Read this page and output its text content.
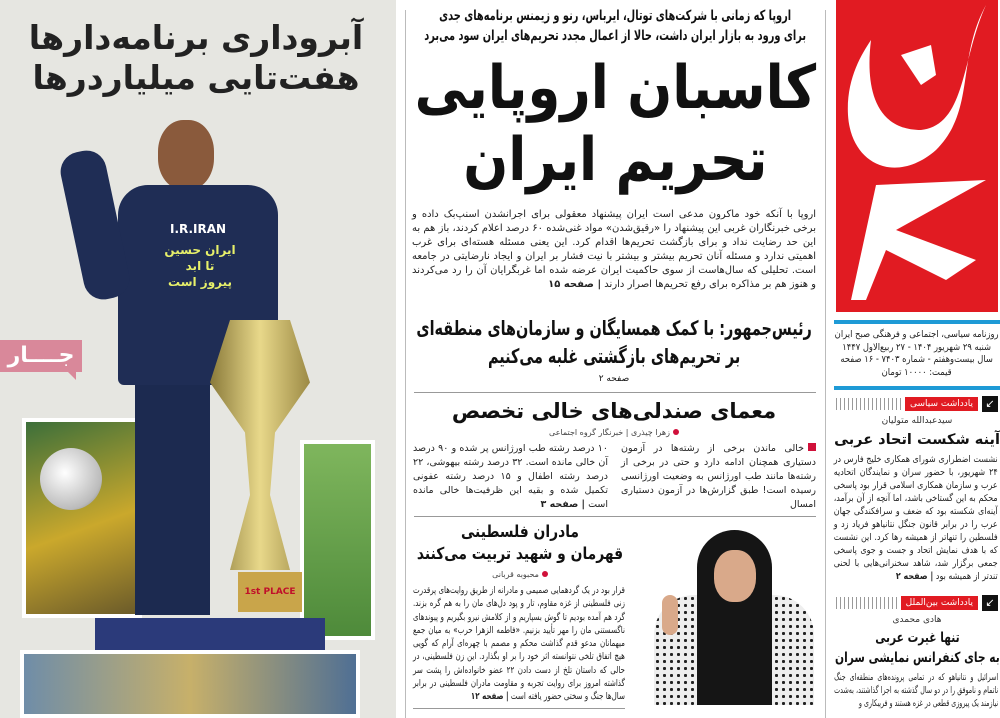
I.R.IRAN
ایران حسین
تا ابد
پیروز است
1st PLACE
جــــار
آبروداری برنامه‌دارها
هفت‌تایی میلیاردرها
اروپا که زمانی با شرکت‌های توتال، ایرباس، رنو و زیمنس برنامه‌های جدی
برای ورود به بازار ایران داشت، حالا از اعمال مجدد تحریم‌های ایران سود می‌برد
کاسبان اروپایی
تحریم ایران
اروپا با آنکه خود ماکرون مدعی است ایران پیشنهاد معقولی برای اجرانشدن اسنپ‌بک داده و برخی خبرنگاران غربی این پیشنهاد را «رقیق‌شدن» مواد غنی‌شده ۶۰ درصد اعلام کردند، باز هم به این حد رضایت نداد و برای بازگشت تحریم‌ها اقدام کرد. این یعنی مسئله هسته‌ای برای غرب اهمیتی ندارد و مسئله آنان تحریم بیشتر و بیشتر با نیت فشار بر ایران و ایجاد نارضایتی در جامعه است. تحلیلی که سال‌هاست از سوی حاکمیت ایران عرضه شده اما غربگرایان آن را رد می‌کردند و هنوز هم بر مذاکره برای رفع تحریم‌ها اصرار دارند | صفحه ۱۵
رئیس‌جمهور: با کمک همسایگان و سازمان‌های منطقه‌ای
بر تحریم‌های بازگشتی غلبه می‌کنیم
صفحه ۲
معمای صندلی‌های خالی تخصص
زهرا چیذری | خبرنگار گروه اجتماعی
خالی ماندن برخی از رشته‌ها در آزمون دستیاری همچنان ادامه دارد و حتی در برخی از رشته‌ها مانند طب اورژانس به وضعیت اورژانسی رسیده است! طبق گزارش‌ها در آزمون دستیاری امسال
۱۰ درصد رشته طب اورژانس پر شده و ۹۰ درصد آن خالی مانده است. ۳۲ درصد رشته بیهوشی، ۲۲ درصد رشته اطفال و ۱۵ درصد رشته عفونی تکمیل شده و بقیه این ظرفیت‌ها خالی مانده است | صفحه ۳
مادران فلسطینی
قهرمان و شهید تربیت می‌کنند
محبوبه قربانی
قرار بود در یک گردهمایی صمیمی و مادرانه از طریق روایت‌های پرقدرت زنی فلسطینی از غزه مقاوم، تار و پود دل‌های مان را به هم گره بزند. گرد هم آمده بودیم تا گوش بسپاریم و از کلامش نیرو بگیریم و پیوندهای ناگسستنی مان را مهر تأیید بزنیم. «فاطمه الزهرا حرب» به میان جمع میهمانان مدعو قدم گذاشت محکم و مصمم با چهره‌ای آرام که گویی هیچ اتفاق تلخی نتوانسته اثر خود را بر او بگذارد. این زن فلسطینی، در حالی که داستان تلخ از دست دادن ۲۲ عضو خانواده‌اش را پشت سر گذاشته امروز برای روایت تجربه و مقاومت مادران فلسطینی در برابر سال‌ها جنگ و سختی حضور یافته است | صفحه ۱۲
روزنامه سیاسی، اجتماعی و فرهنگی صبح ایران
شنبه ۲۹ شهریور ۱۴۰۴ - ۲۷ ربیع‌الاول ۱۴۴۷
سال بیست‌وهفتم - شماره ۷۴۰۳ - ۱۶ صفحه
قیمت: ۱۰۰۰۰ تومان
↙
یادداشت سیاسی
سیدعبدالله متولیان
آینه شکست اتحاد عربی
نشست اضطراری شورای همکاری خلیج فارس در ۲۴ شهریور، با حضور سران و نمایندگان اتحادیه عرب و سازمان همکاری اسلامی قرار بود پاسخی محکم به این گستاخی باشد، اما آنچه از آن برآمد، آینه‌ای شکسته بود که ضعف و سرافکندگی جهان عرب را در برابر قانون جنگل نتانیاهو فریاد زد و فلسطین را تنهاتر از همیشه رها کرد. این نشست که با هدف نمایش اتحاد و جست و جوی پاسخی جمعی برگزار شد، شاهد سخنرانی‌هایی با لحنی تندتر از همیشه بود | صفحه ۲
↙
یادداشت بین‌الملل
هادی محمدی
تنها غیرت عربی
به جای کنفرانس نمایشی سران
اسرائیل و نتانیاهو که در تمامی پرونده‌های منطقه‌ای جنگ ناتمام و ناموفق را در دو سال گذشته به اجرا گذاشتند، به‌شدت نیازمند یک پیروزی قطعی در غزه هستند و فریبکاری و
